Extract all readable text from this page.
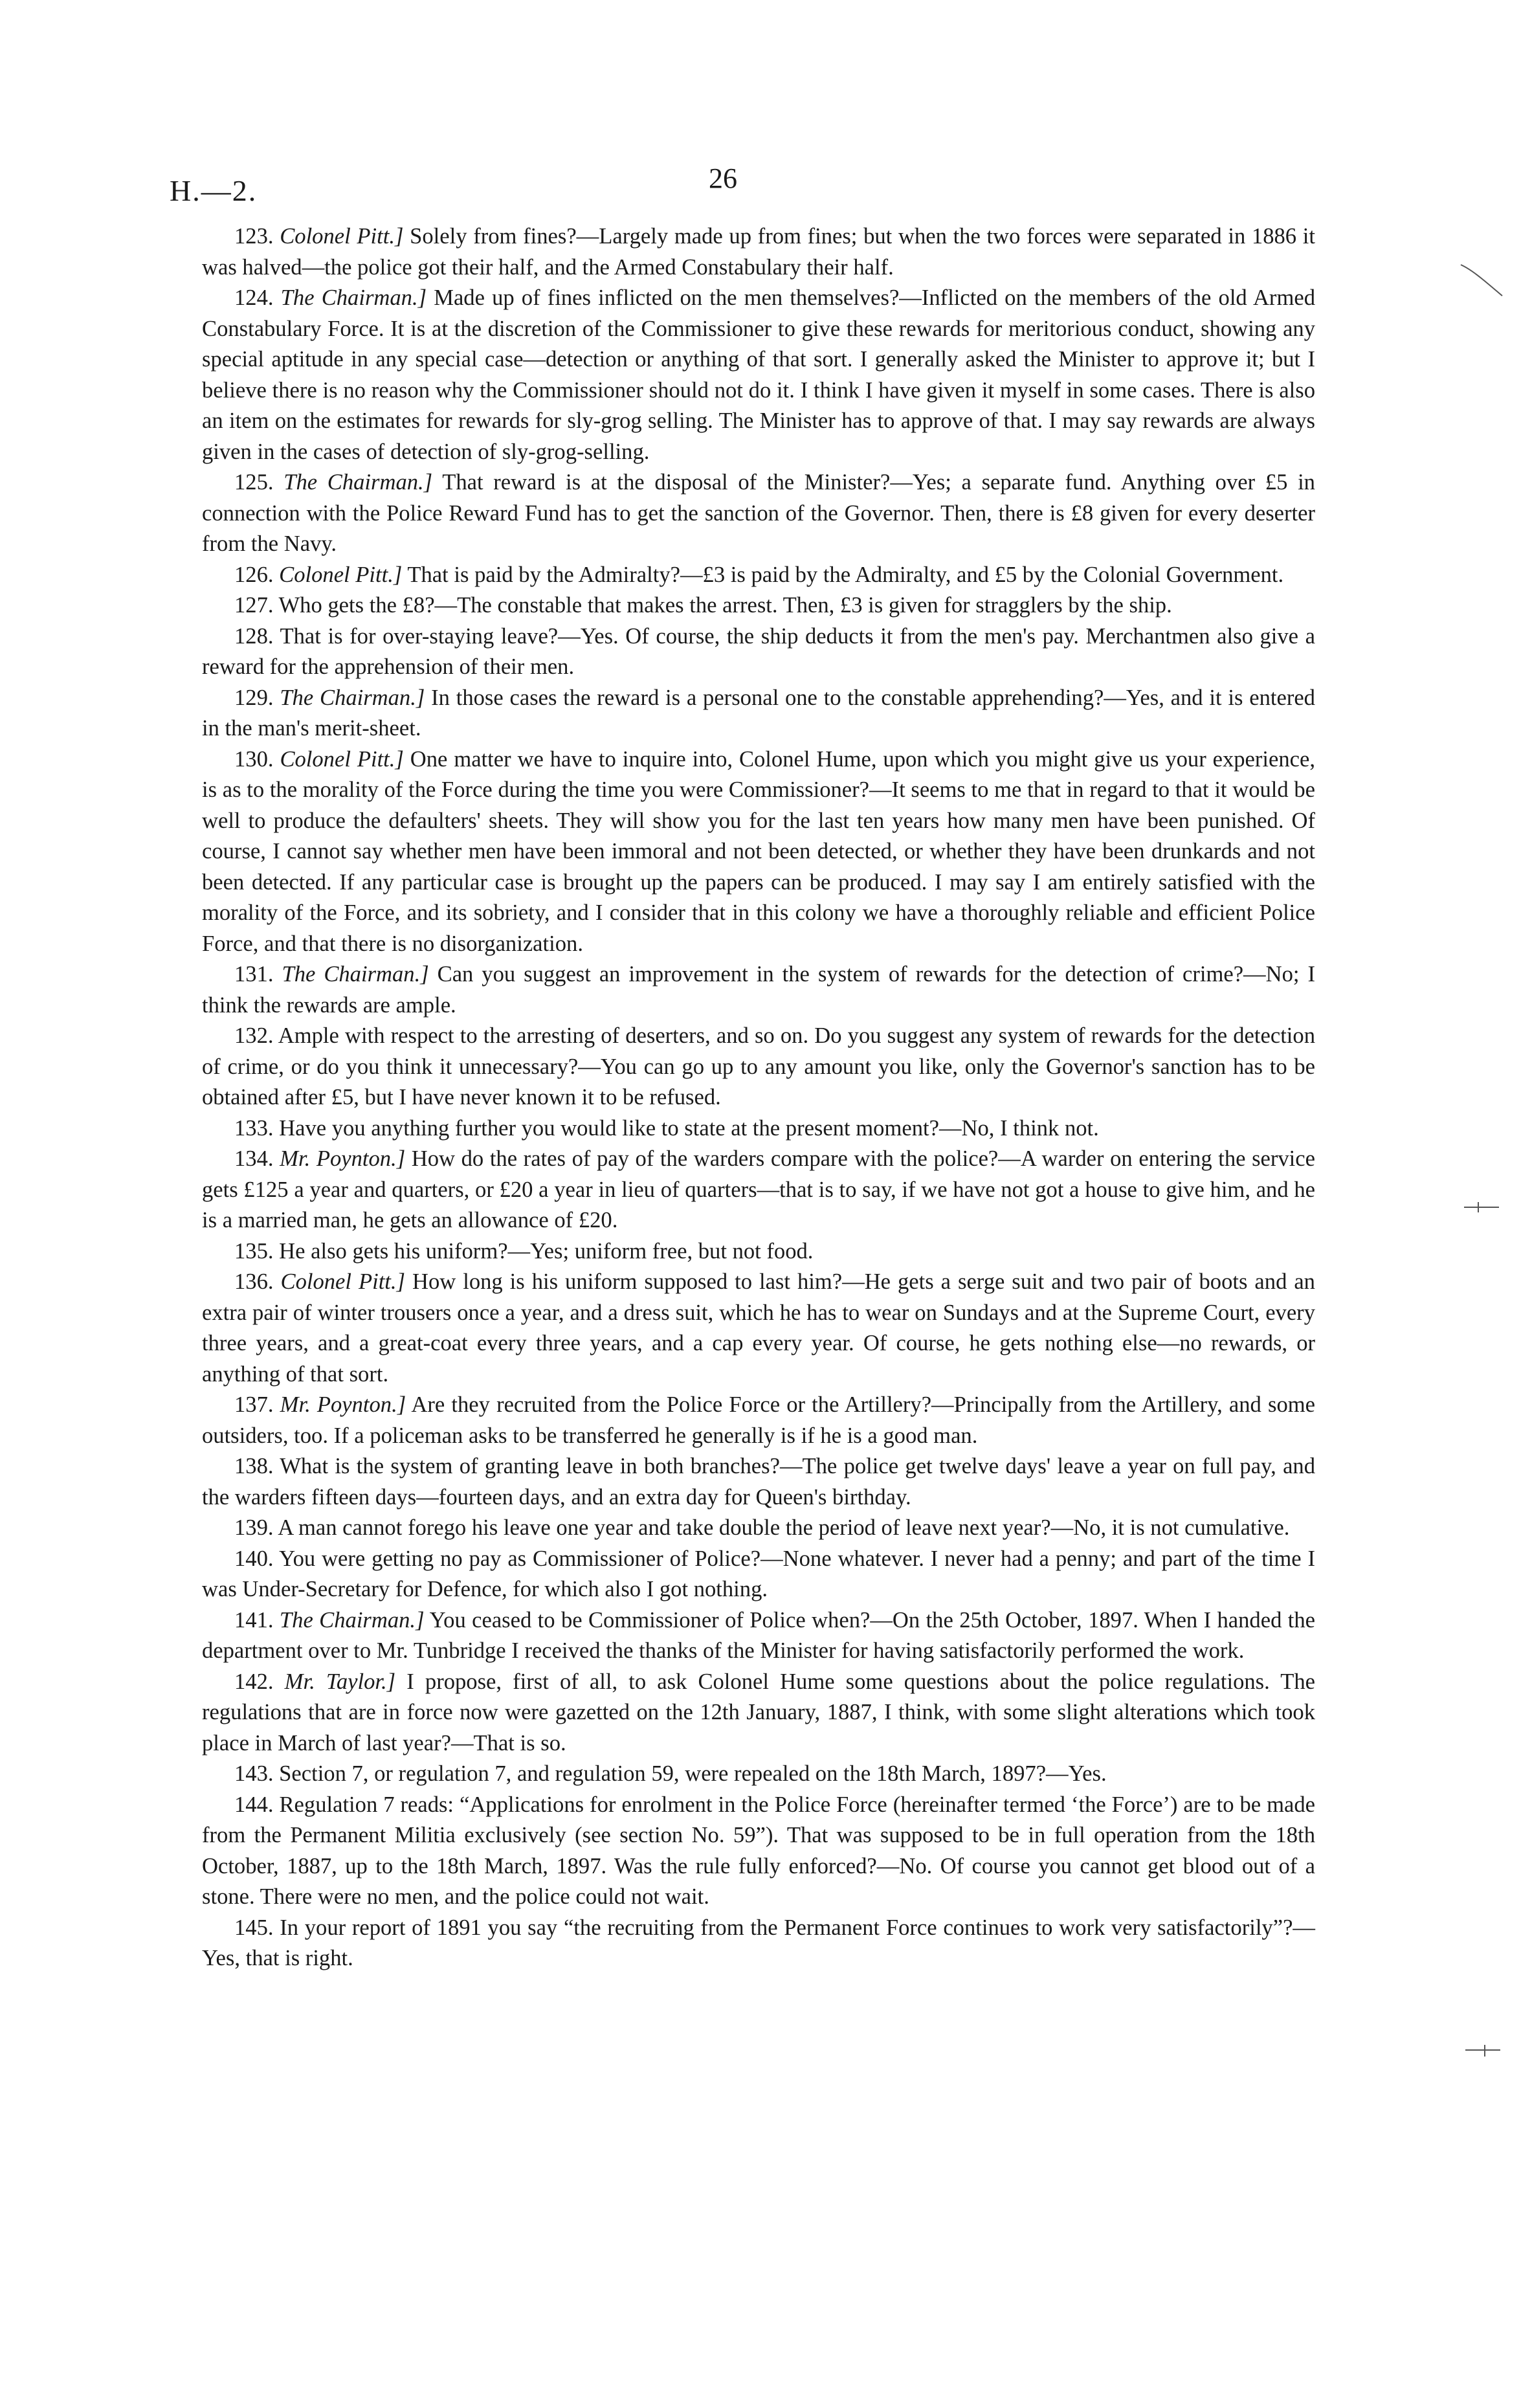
H.—2.	26

123. Colonel Pitt.] Solely from fines?—Largely made up from fines; but when the two forces were separated in 1886 it was halved—the police got their half, and the Armed Constabulary their half.

124. The Chairman.] Made up of fines inflicted on the men themselves?—Inflicted on the members of the old Armed Constabulary Force. It is at the discretion of the Commissioner to give these rewards for meritorious conduct, showing any special aptitude in any special case—detection or anything of that sort. I generally asked the Minister to approve it; but I believe there is no reason why the Commissioner should not do it. I think I have given it myself in some cases. There is also an item on the estimates for rewards for sly-grog selling. The Minister has to approve of that. I may say rewards are always given in the cases of detection of sly-grog-selling.

125. The Chairman.] That reward is at the disposal of the Minister?—Yes; a separate fund. Anything over £5 in connection with the Police Reward Fund has to get the sanction of the Governor. Then, there is £8 given for every deserter from the Navy.

126. Colonel Pitt.] That is paid by the Admiralty?—£3 is paid by the Admiralty, and £5 by the Colonial Government.

127. Who gets the £8?—The constable that makes the arrest. Then, £3 is given for stragglers by the ship.

128. That is for over-staying leave?—Yes. Of course, the ship deducts it from the men's pay. Merchantmen also give a reward for the apprehension of their men.

129. The Chairman.] In those cases the reward is a personal one to the constable apprehending?—Yes, and it is entered in the man's merit-sheet.

130. Colonel Pitt.] One matter we have to inquire into, Colonel Hume, upon which you might give us your experience, is as to the morality of the Force during the time you were Commissioner?—It seems to me that in regard to that it would be well to produce the defaulters' sheets. They will show you for the last ten years how many men have been punished. Of course, I cannot say whether men have been immoral and not been detected, or whether they have been drunkards and not been detected. If any particular case is brought up the papers can be produced. I may say I am entirely satisfied with the morality of the Force, and its sobriety, and I consider that in this colony we have a thoroughly reliable and efficient Police Force, and that there is no disorganization.

131. The Chairman.] Can you suggest an improvement in the system of rewards for the detection of crime?—No; I think the rewards are ample.

132. Ample with respect to the arresting of deserters, and so on. Do you suggest any system of rewards for the detection of crime, or do you think it unnecessary?—You can go up to any amount you like, only the Governor's sanction has to be obtained after £5, but I have never known it to be refused.

133. Have you anything further you would like to state at the present moment?—No, I think not.

134. Mr. Poynton.] How do the rates of pay of the warders compare with the police?—A warder on entering the service gets £125 a year and quarters, or £20 a year in lieu of quarters—that is to say, if we have not got a house to give him, and he is a married man, he gets an allowance of £20.

135. He also gets his uniform?—Yes; uniform free, but not food.

136. Colonel Pitt.] How long is his uniform supposed to last him?—He gets a serge suit and two pair of boots and an extra pair of winter trousers once a year, and a dress suit, which he has to wear on Sundays and at the Supreme Court, every three years, and a great-coat every three years, and a cap every year. Of course, he gets nothing else—no rewards, or anything of that sort.

137. Mr. Poynton.] Are they recruited from the Police Force or the Artillery?—Principally from the Artillery, and some outsiders, too. If a policeman asks to be transferred he generally is if he is a good man.

138. What is the system of granting leave in both branches?—The police get twelve days' leave a year on full pay, and the warders fifteen days—fourteen days, and an extra day for Queen's birthday.

139. A man cannot forego his leave one year and take double the period of leave next year?—No, it is not cumulative.

140. You were getting no pay as Commissioner of Police?—None whatever. I never had a penny; and part of the time I was Under-Secretary for Defence, for which also I got nothing.

141. The Chairman.] You ceased to be Commissioner of Police when?—On the 25th October, 1897. When I handed the department over to Mr. Tunbridge I received the thanks of the Minister for having satisfactorily performed the work.

142. Mr. Taylor.] I propose, first of all, to ask Colonel Hume some questions about the police regulations. The regulations that are in force now were gazetted on the 12th January, 1887, I think, with some slight alterations which took place in March of last year?—That is so.

143. Section 7, or regulation 7, and regulation 59, were repealed on the 18th March, 1897?—Yes.

144. Regulation 7 reads: “Applications for enrolment in the Police Force (hereinafter termed ‘the Force’) are to be made from the Permanent Militia exclusively (see section No. 59”). That was supposed to be in full operation from the 18th October, 1887, up to the 18th March, 1897. Was the rule fully enforced?—No. Of course you cannot get blood out of a stone. There were no men, and the police could not wait.

145. In your report of 1891 you say “the recruiting from the Permanent Force continues to work very satisfactorily”?—Yes, that is right.
